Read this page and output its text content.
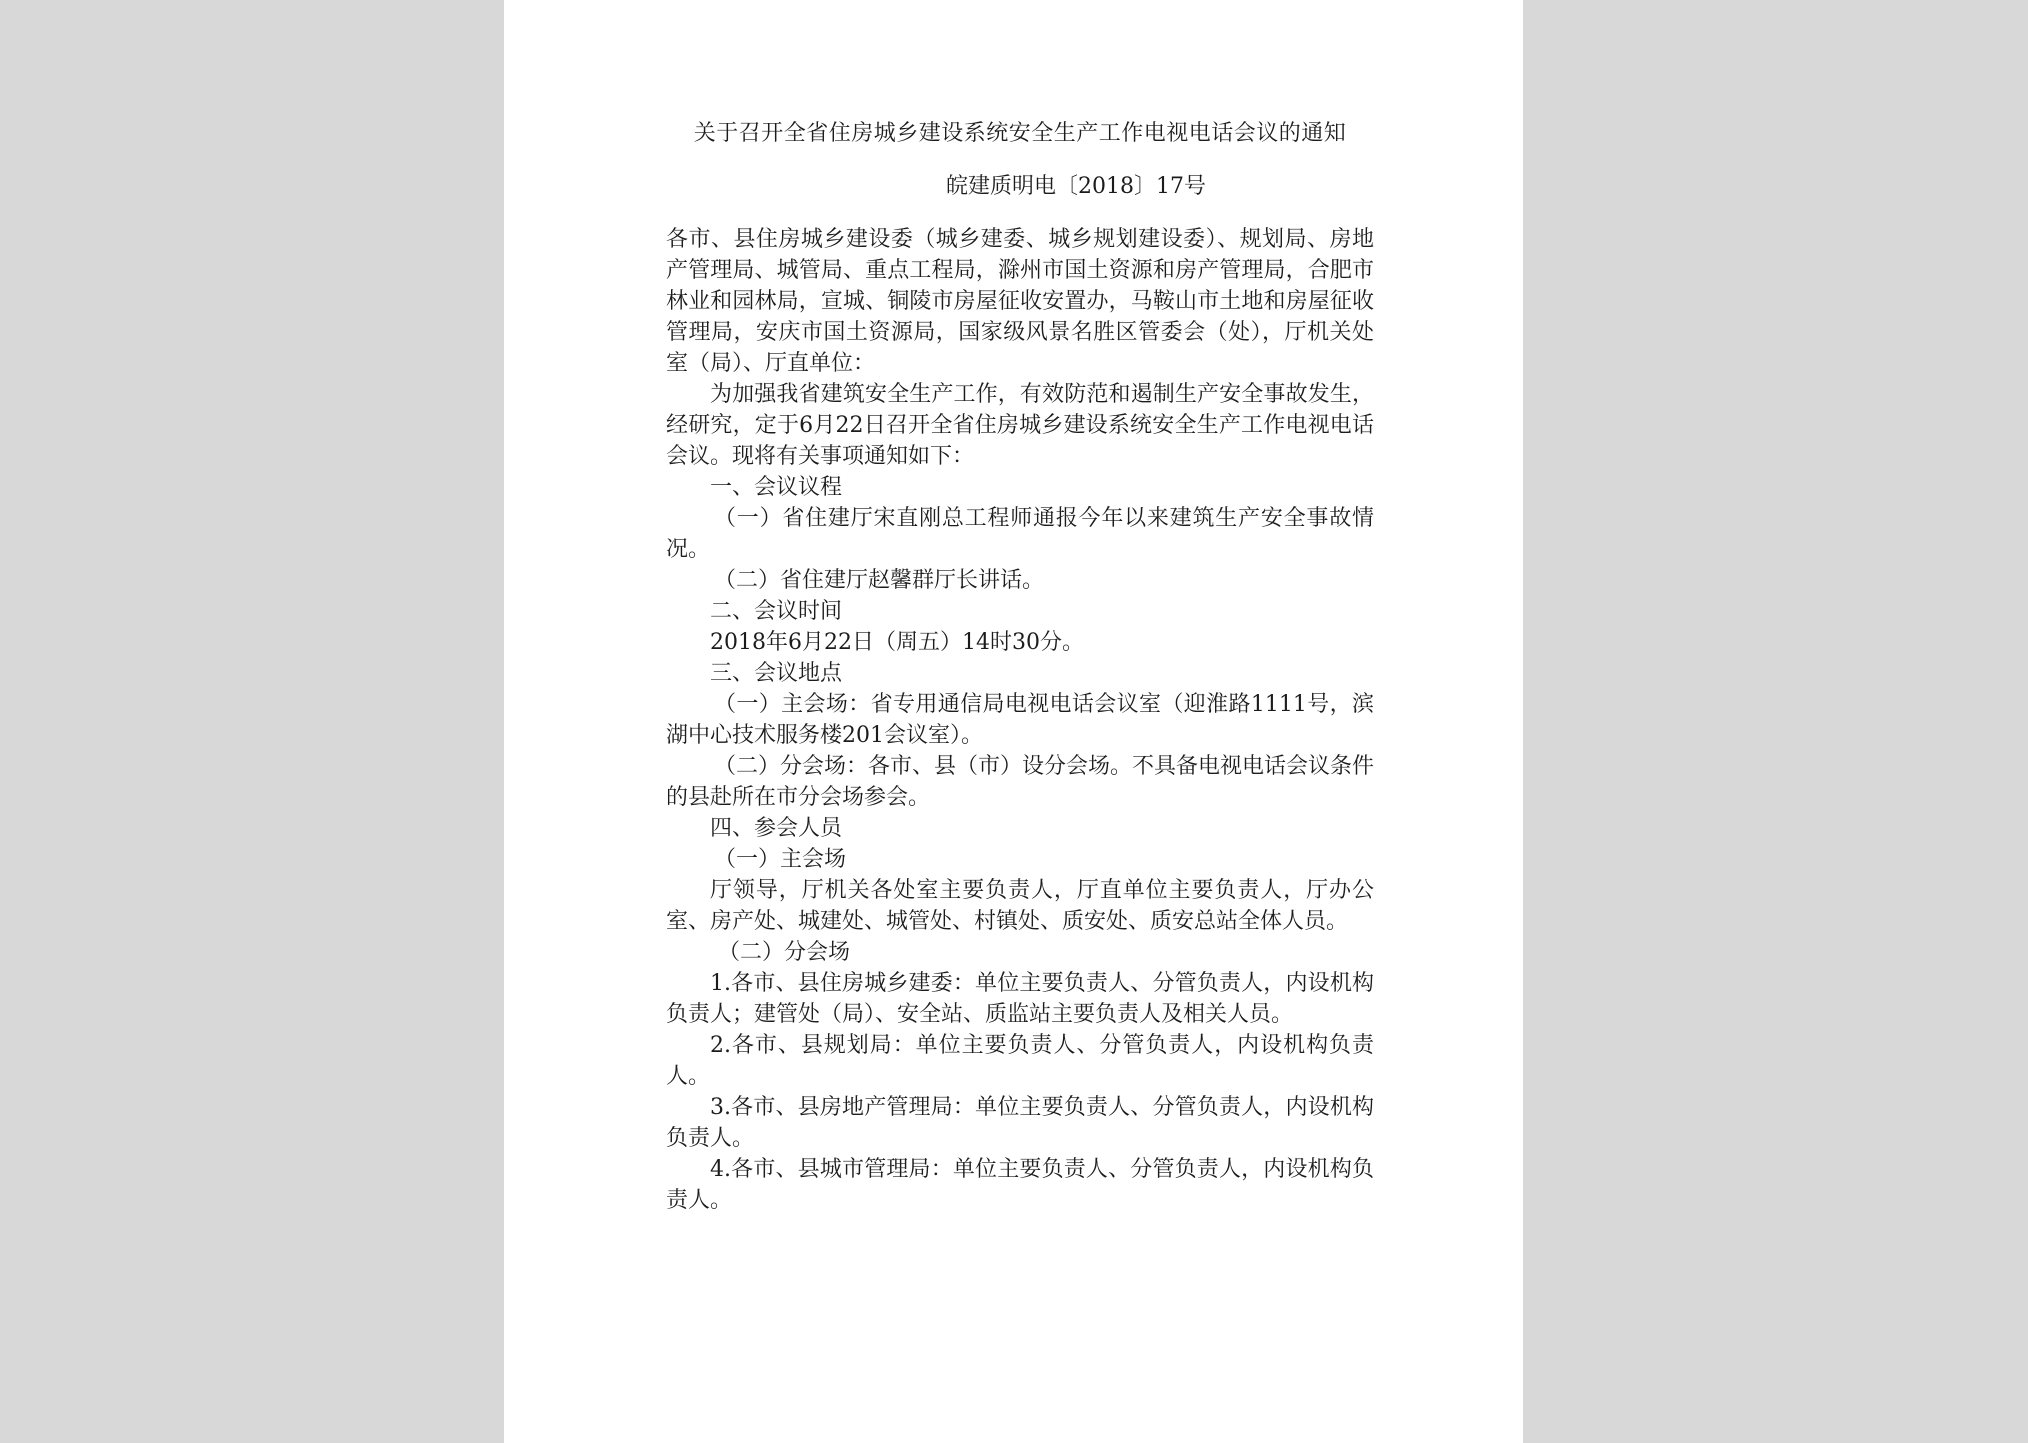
关于召开全省住房城乡建设系统安全生产工作电视电话会议的通知

皖建质明电〔2018〕17号

各市、县住房城乡建设委（城乡建委、城乡规划建设委）、规划局、房地产管理局、城管局、重点工程局，滁州市国土资源和房产管理局，合肥市林业和园林局，宣城、铜陵市房屋征收安置办，马鞍山市土地和房屋征收管理局，安庆市国土资源局，国家级风景名胜区管委会（处），厅机关处室（局）、厅直单位：

为加强我省建筑安全生产工作，有效防范和遏制生产安全事故发生，经研究，定于6月22日召开全省住房城乡建设系统安全生产工作电视电话会议。现将有关事项通知如下：

一、会议议程

（一）省住建厅宋直刚总工程师通报今年以来建筑生产安全事故情况。

（二）省住建厅赵馨群厅长讲话。

二、会议时间

2018年6月22日（周五）14时30分。

三、会议地点

（一）主会场：省专用通信局电视电话会议室（迎淮路1111号，滨湖中心技术服务楼201会议室）。

（二）分会场：各市、县（市）设分会场。不具备电视电话会议条件的县赴所在市分会场参会。

四、参会人员

（一）主会场

厅领导，厅机关各处室主要负责人，厅直单位主要负责人，厅办公室、房产处、城建处、城管处、村镇处、质安处、质安总站全体人员。

（二）分会场

1.各市、县住房城乡建委：单位主要负责人、分管负责人，内设机构负责人；建管处（局）、安全站、质监站主要负责人及相关人员。

2.各市、县规划局：单位主要负责人、分管负责人，内设机构负责人。

3.各市、县房地产管理局：单位主要负责人、分管负责人，内设机构负责人。

4.各市、县城市管理局：单位主要负责人、分管负责人，内设机构负责人。
